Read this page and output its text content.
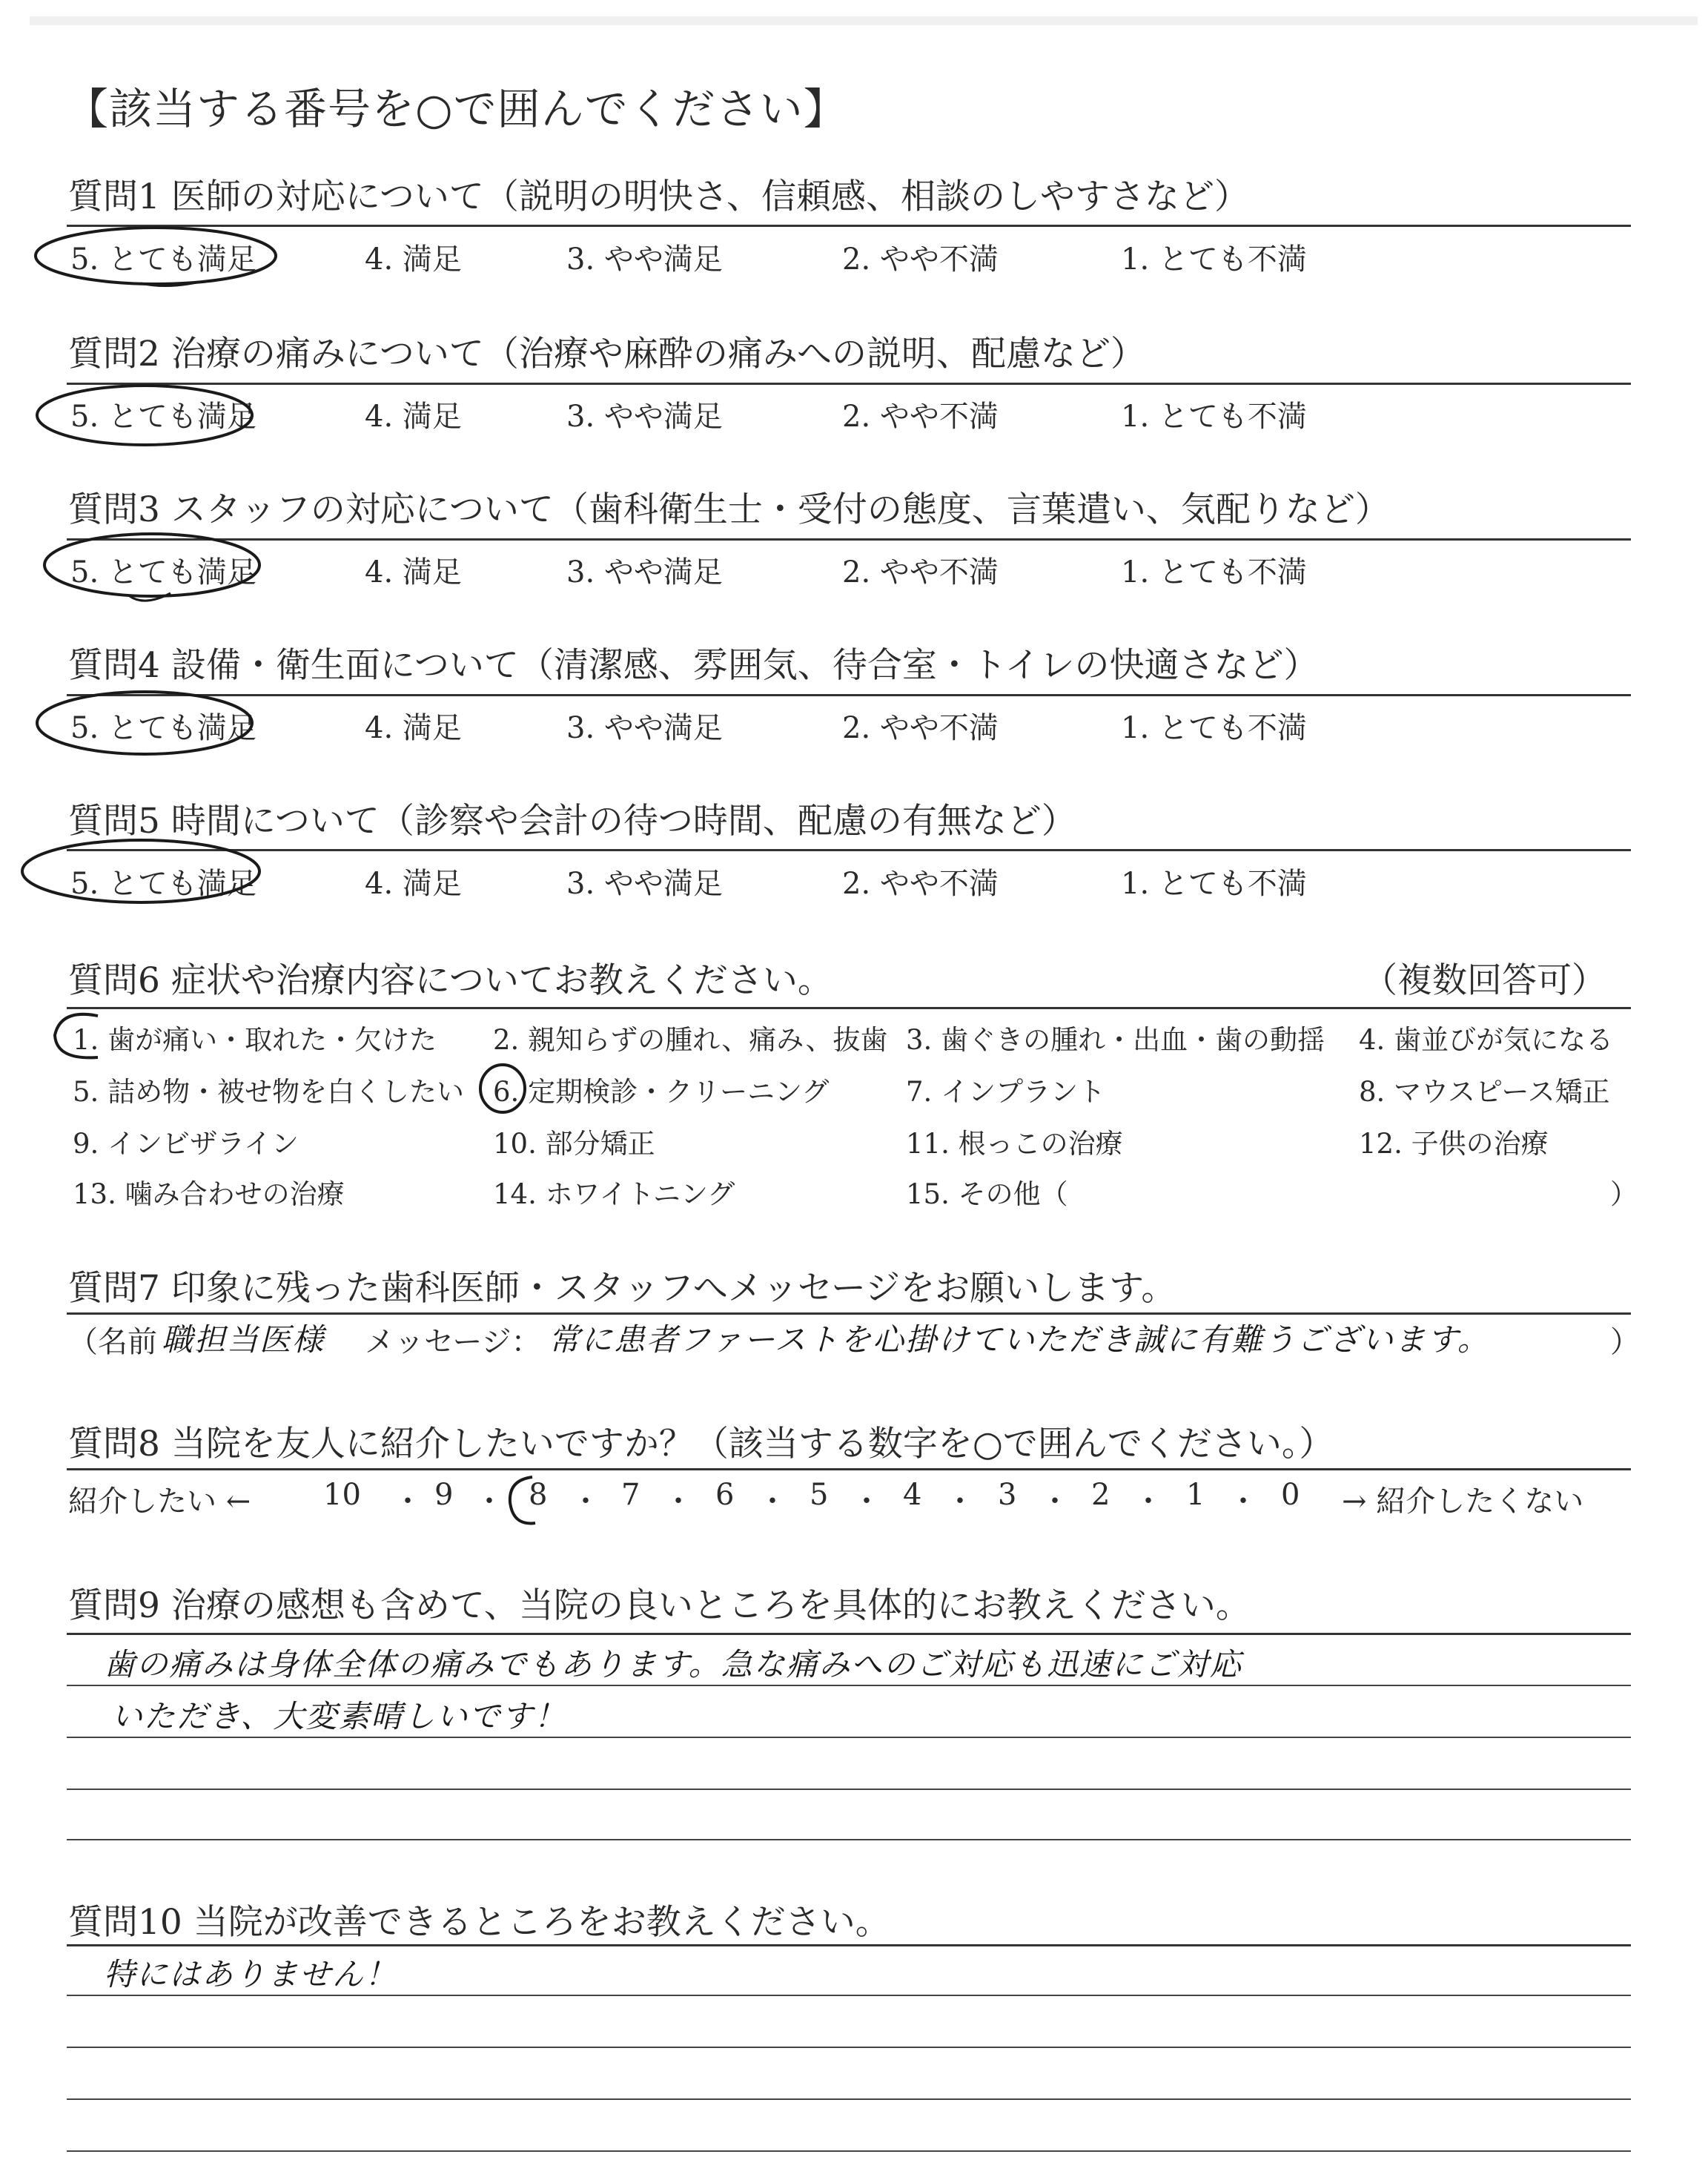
【該当する番号を○で囲んでください】
質問1 医師の対応について（説明の明快さ、信頼感、相談のしやすさなど）
5. とても満足	4. 満足	3. やや満足	2. やや不満	1. とても不満
質問2 治療の痛みについて（治療や麻酔の痛みへの説明、配慮など）
5. とても満足	4. 満足	3. やや満足	2. やや不満	1. とても不満
質問3 スタッフの対応について（歯科衛生士・受付の態度、言葉遣い、気配りなど）
5. とても満足	4. 満足	3. やや満足	2. やや不満	1. とても不満
質問4 設備・衛生面について（清潔感、雰囲気、待合室・トイレの快適さなど）
5. とても満足	4. 満足	3. やや満足	2. やや不満	1. とても不満
質問5 時間について（診察や会計の待つ時間、配慮の有無など）
5. とても満足	4. 満足	3. やや満足	2. やや不満	1. とても不満
質問6 症状や治療内容についてお教えください。	（複数回答可）
1. 歯が痛い・取れた・欠けた 2. 親知らずの腫れ、痛み、抜歯 3. 歯ぐきの腫れ・出血・歯の動揺 4. 歯並びが気になる
5. 詰め物・被せ物を白くしたい 6. 定期検診・クリーニング	7. インプラント	8. マウスピース矯正
9. インビザライン	10. 部分矯正	11. 根っこの治療	12. 子供の治療
13. 噛み合わせの治療	14. ホワイトニング	15. その他（	）
質問7 印象に残った歯科医師・スタッフへメッセージをお願いします。
（名前 職担当医様 メッセージ： 常に患者ファーストを心掛けていただき誠に有難うございます。	）
質問8 当院を友人に紹介したいですか？（該当する数字を○で囲んでください。）
紹介したい ← 10 ・ 9 ・ 8 ・ 7 ・ 6 ・ 5 ・ 4 ・ 3 ・ 2 ・ 1 ・ 0 → 紹介したくない
質問9 治療の感想も含めて、当院の良いところを具体的にお教えください。
歯の痛みは身体全体の痛みでもあります。急な痛みへのご対応も迅速にご対応
いただき、大変素晴しいです！
質問10 当院が改善できるところをお教えください。
特にはありません！
